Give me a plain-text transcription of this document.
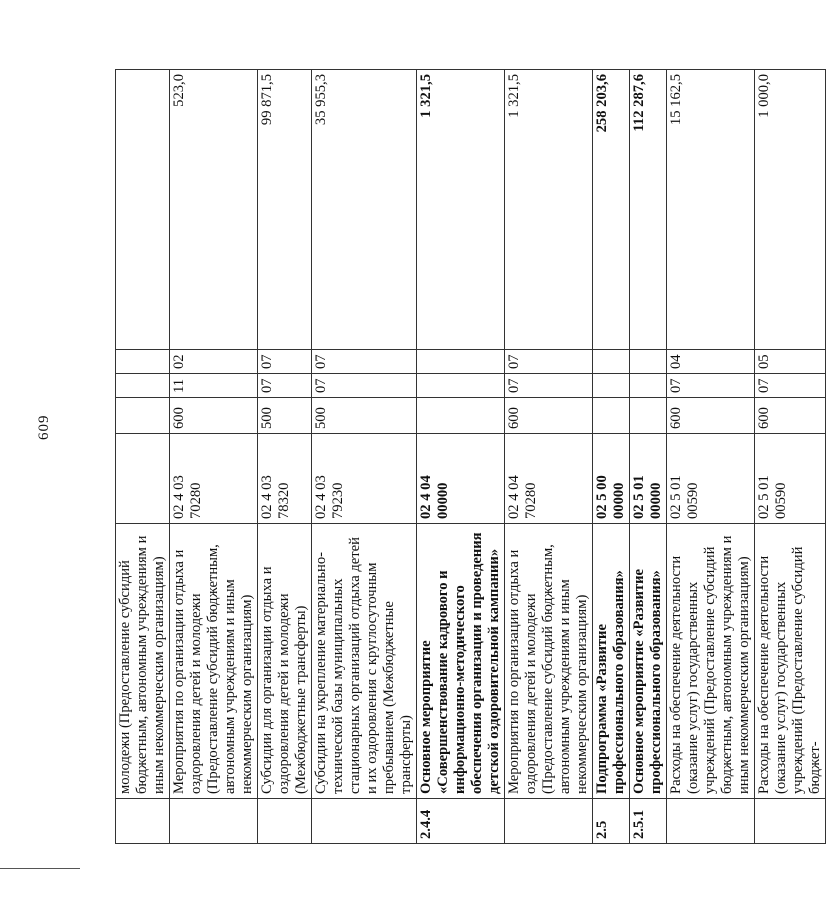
609
	молодежи (Предоставление субсидий бюджетным, автономным учреждениям и иным некоммерческим организациям)					
	Мероприятия по организации отдыха и оздоровления детей и молодежи (Предоставление субсидий бюджетным, автономным учреждениям и иным некоммерческим организациям)	02 4 03 70280	600	11	02	523,0
	Субсидии для организации отдыха и оздоровления детей и молодежи (Межбюджетные трансферты)	02 4 03 78320	500	07	07	99 871,5
	Субсидии на укрепление материально-технической базы муниципальных стационарных организаций отдыха детей и их оздоровления с круглосуточным пребыванием (Межбюджетные трансферты)	02 4 03 79230	500	07	07	35 955,3
2.4.4	Основное мероприятие «Совершенствование кадрового и информационно-методического обеспечения организации и проведения детской оздоровительной кампании»	02 4 04 00000				1 321,5
	Мероприятия по организации отдыха и оздоровления детей и молодежи (Предоставление субсидий бюджетным, автономным учреждениям и иным некоммерческим организациям)	02 4 04 70280	600	07	07	1 321,5
2.5	Подпрограмма «Развитие профессионального образования»	02 5 00 00000				258 203,6
2.5.1	Основное мероприятие «Развитие профессионального образования»	02 5 01 00000				112 287,6
	Расходы на обеспечение деятельности (оказание услуг) государственных учреждений (Предоставление субсидий бюджетным, автономным учреждениям и иным некоммерческим организациям)	02 5 01 00590	600	07	04	15 162,5
	Расходы на обеспечение деятельности (оказание услуг) государственных учреждений (Предоставление субсидий бюджет-	02 5 01 00590	600	07	05	1 000,0
